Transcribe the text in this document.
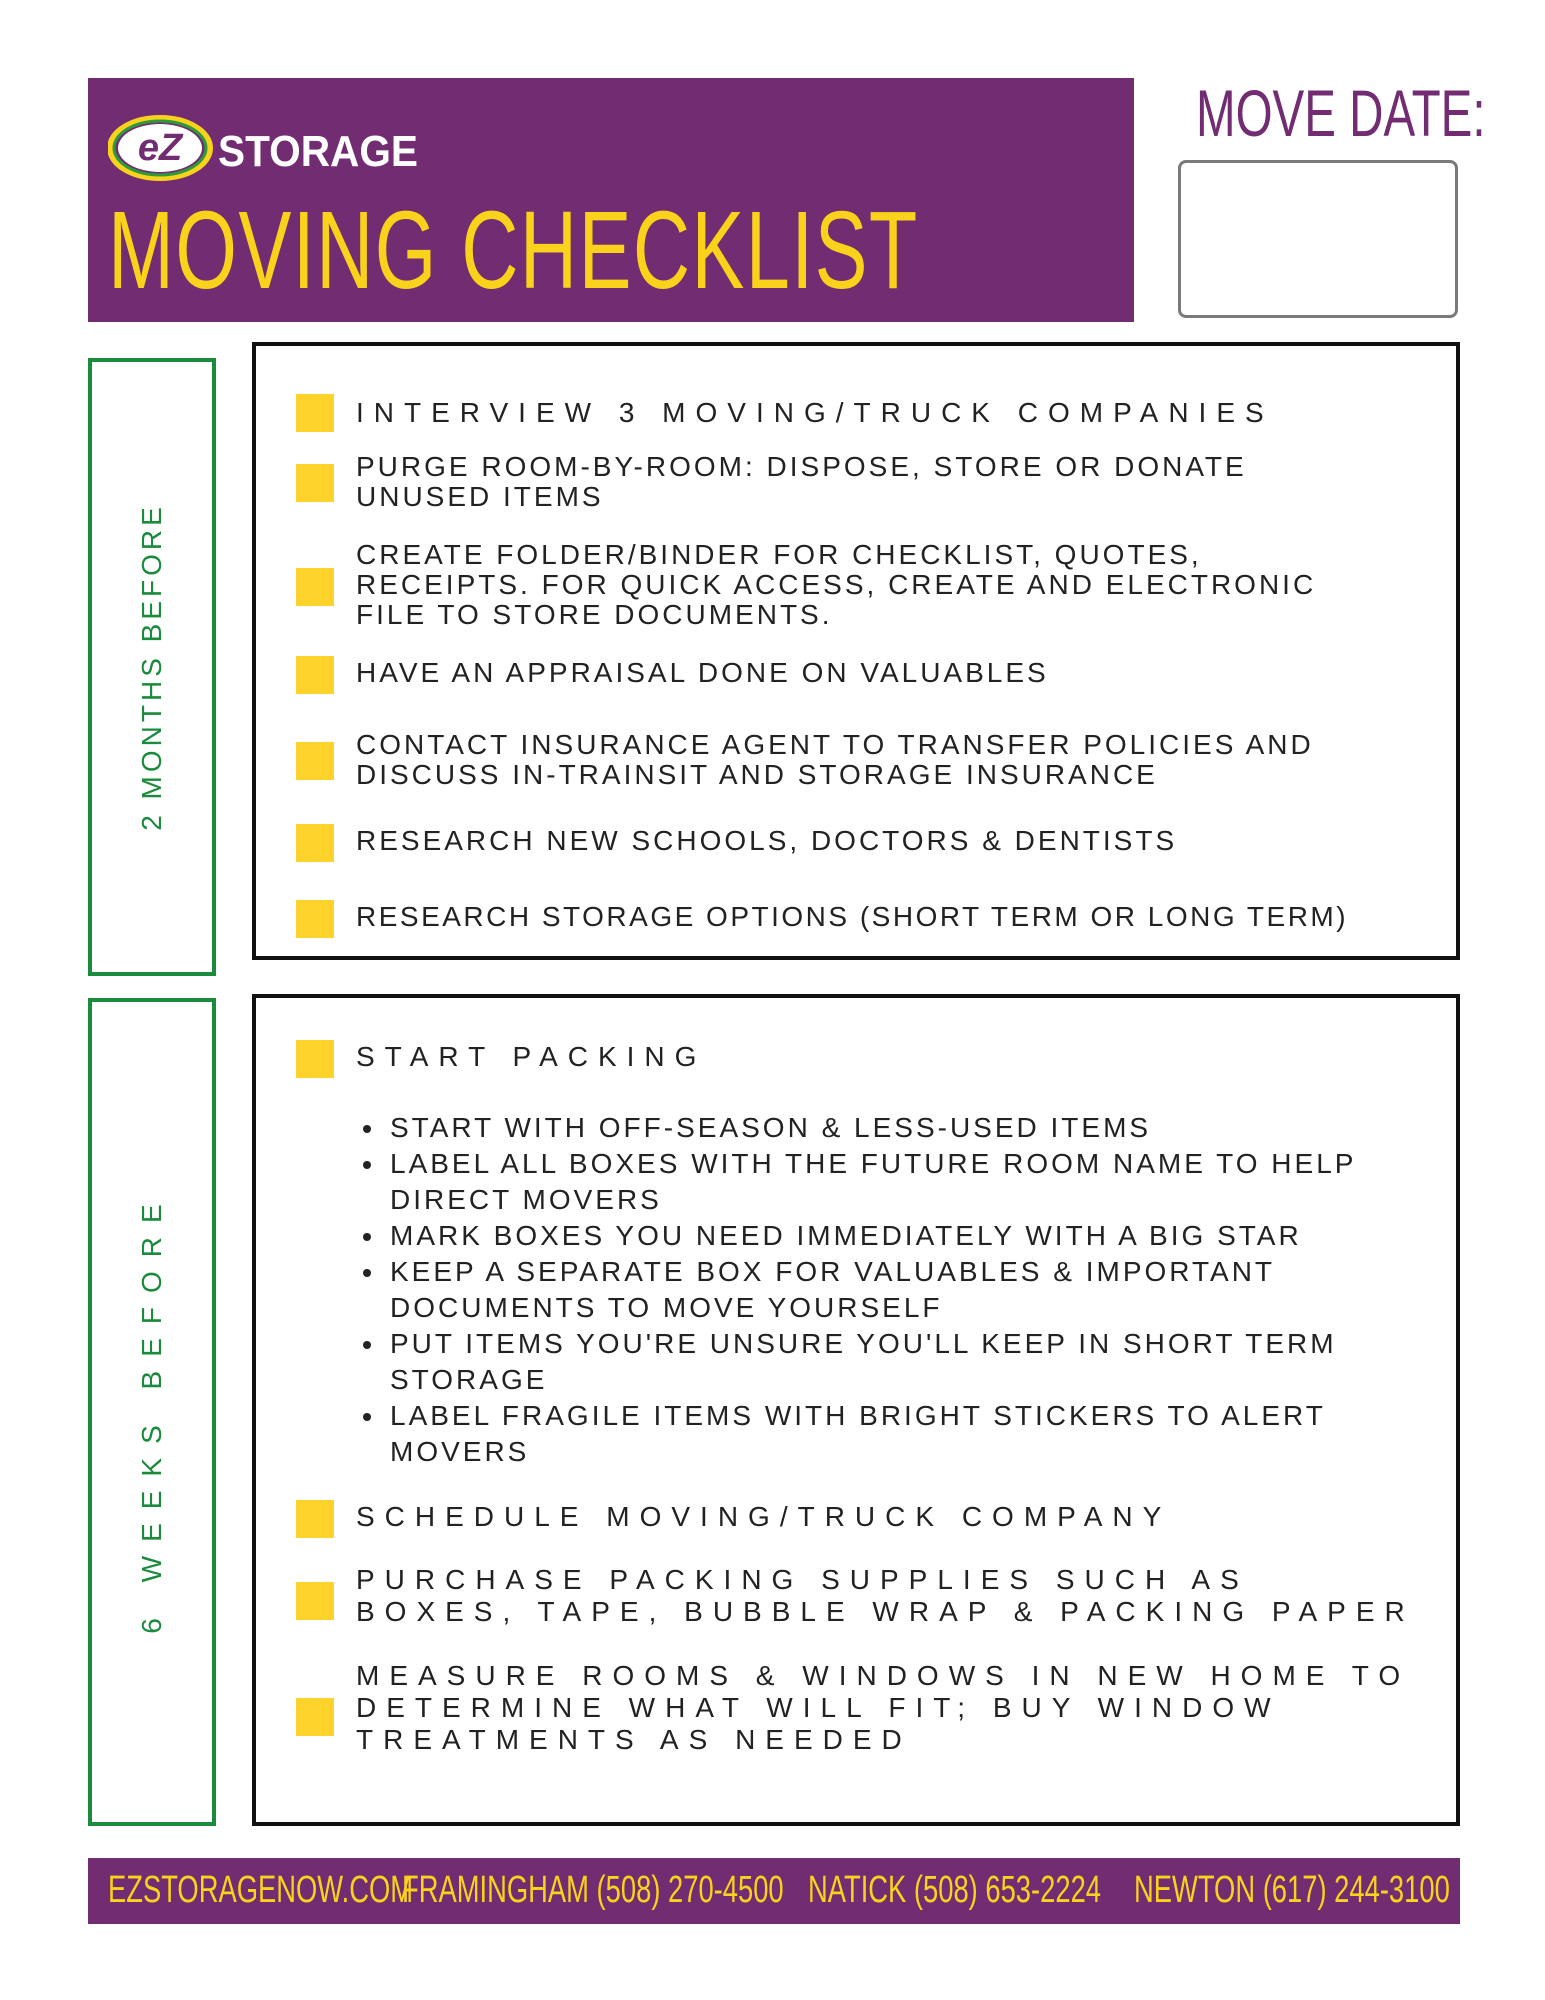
eZ STORAGE
MOVING CHECKLIST
MOVE DATE:
2 MONTHS BEFORE
INTERVIEW 3 MOVING/TRUCK COMPANIES
PURGE ROOM-BY-ROOM: DISPOSE, STORE OR DONATE UNUSED ITEMS
CREATE FOLDER/BINDER FOR CHECKLIST, QUOTES, RECEIPTS. FOR QUICK ACCESS, CREATE AND ELECTRONIC FILE TO STORE DOCUMENTS.
HAVE AN APPRAISAL DONE ON VALUABLES
CONTACT INSURANCE AGENT TO TRANSFER POLICIES AND DISCUSS IN-TRAINSIT AND STORAGE INSURANCE
RESEARCH NEW SCHOOLS, DOCTORS & DENTISTS
RESEARCH STORAGE OPTIONS (SHORT TERM OR LONG TERM)
6 WEEKS BEFORE
START PACKING
• START WITH OFF-SEASON & LESS-USED ITEMS
• LABEL ALL BOXES WITH THE FUTURE ROOM NAME TO HELP DIRECT MOVERS
• MARK BOXES YOU NEED IMMEDIATELY WITH A BIG STAR
• KEEP A SEPARATE BOX FOR VALUABLES & IMPORTANT DOCUMENTS TO MOVE YOURSELF
• PUT ITEMS YOU'RE UNSURE YOU'LL KEEP IN SHORT TERM STORAGE
• LABEL FRAGILE ITEMS WITH BRIGHT STICKERS TO ALERT MOVERS
SCHEDULE MOVING/TRUCK COMPANY
PURCHASE PACKING SUPPLIES SUCH AS BOXES, TAPE, BUBBLE WRAP & PACKING PAPER
MEASURE ROOMS & WINDOWS IN NEW HOME TO DETERMINE WHAT WILL FIT; BUY WINDOW TREATMENTS AS NEEDED
EZSTORAGENOW.COM
FRAMINGHAM (508) 270-4500 NATICK (508) 653-2224 NEWTON (617) 244-3100
